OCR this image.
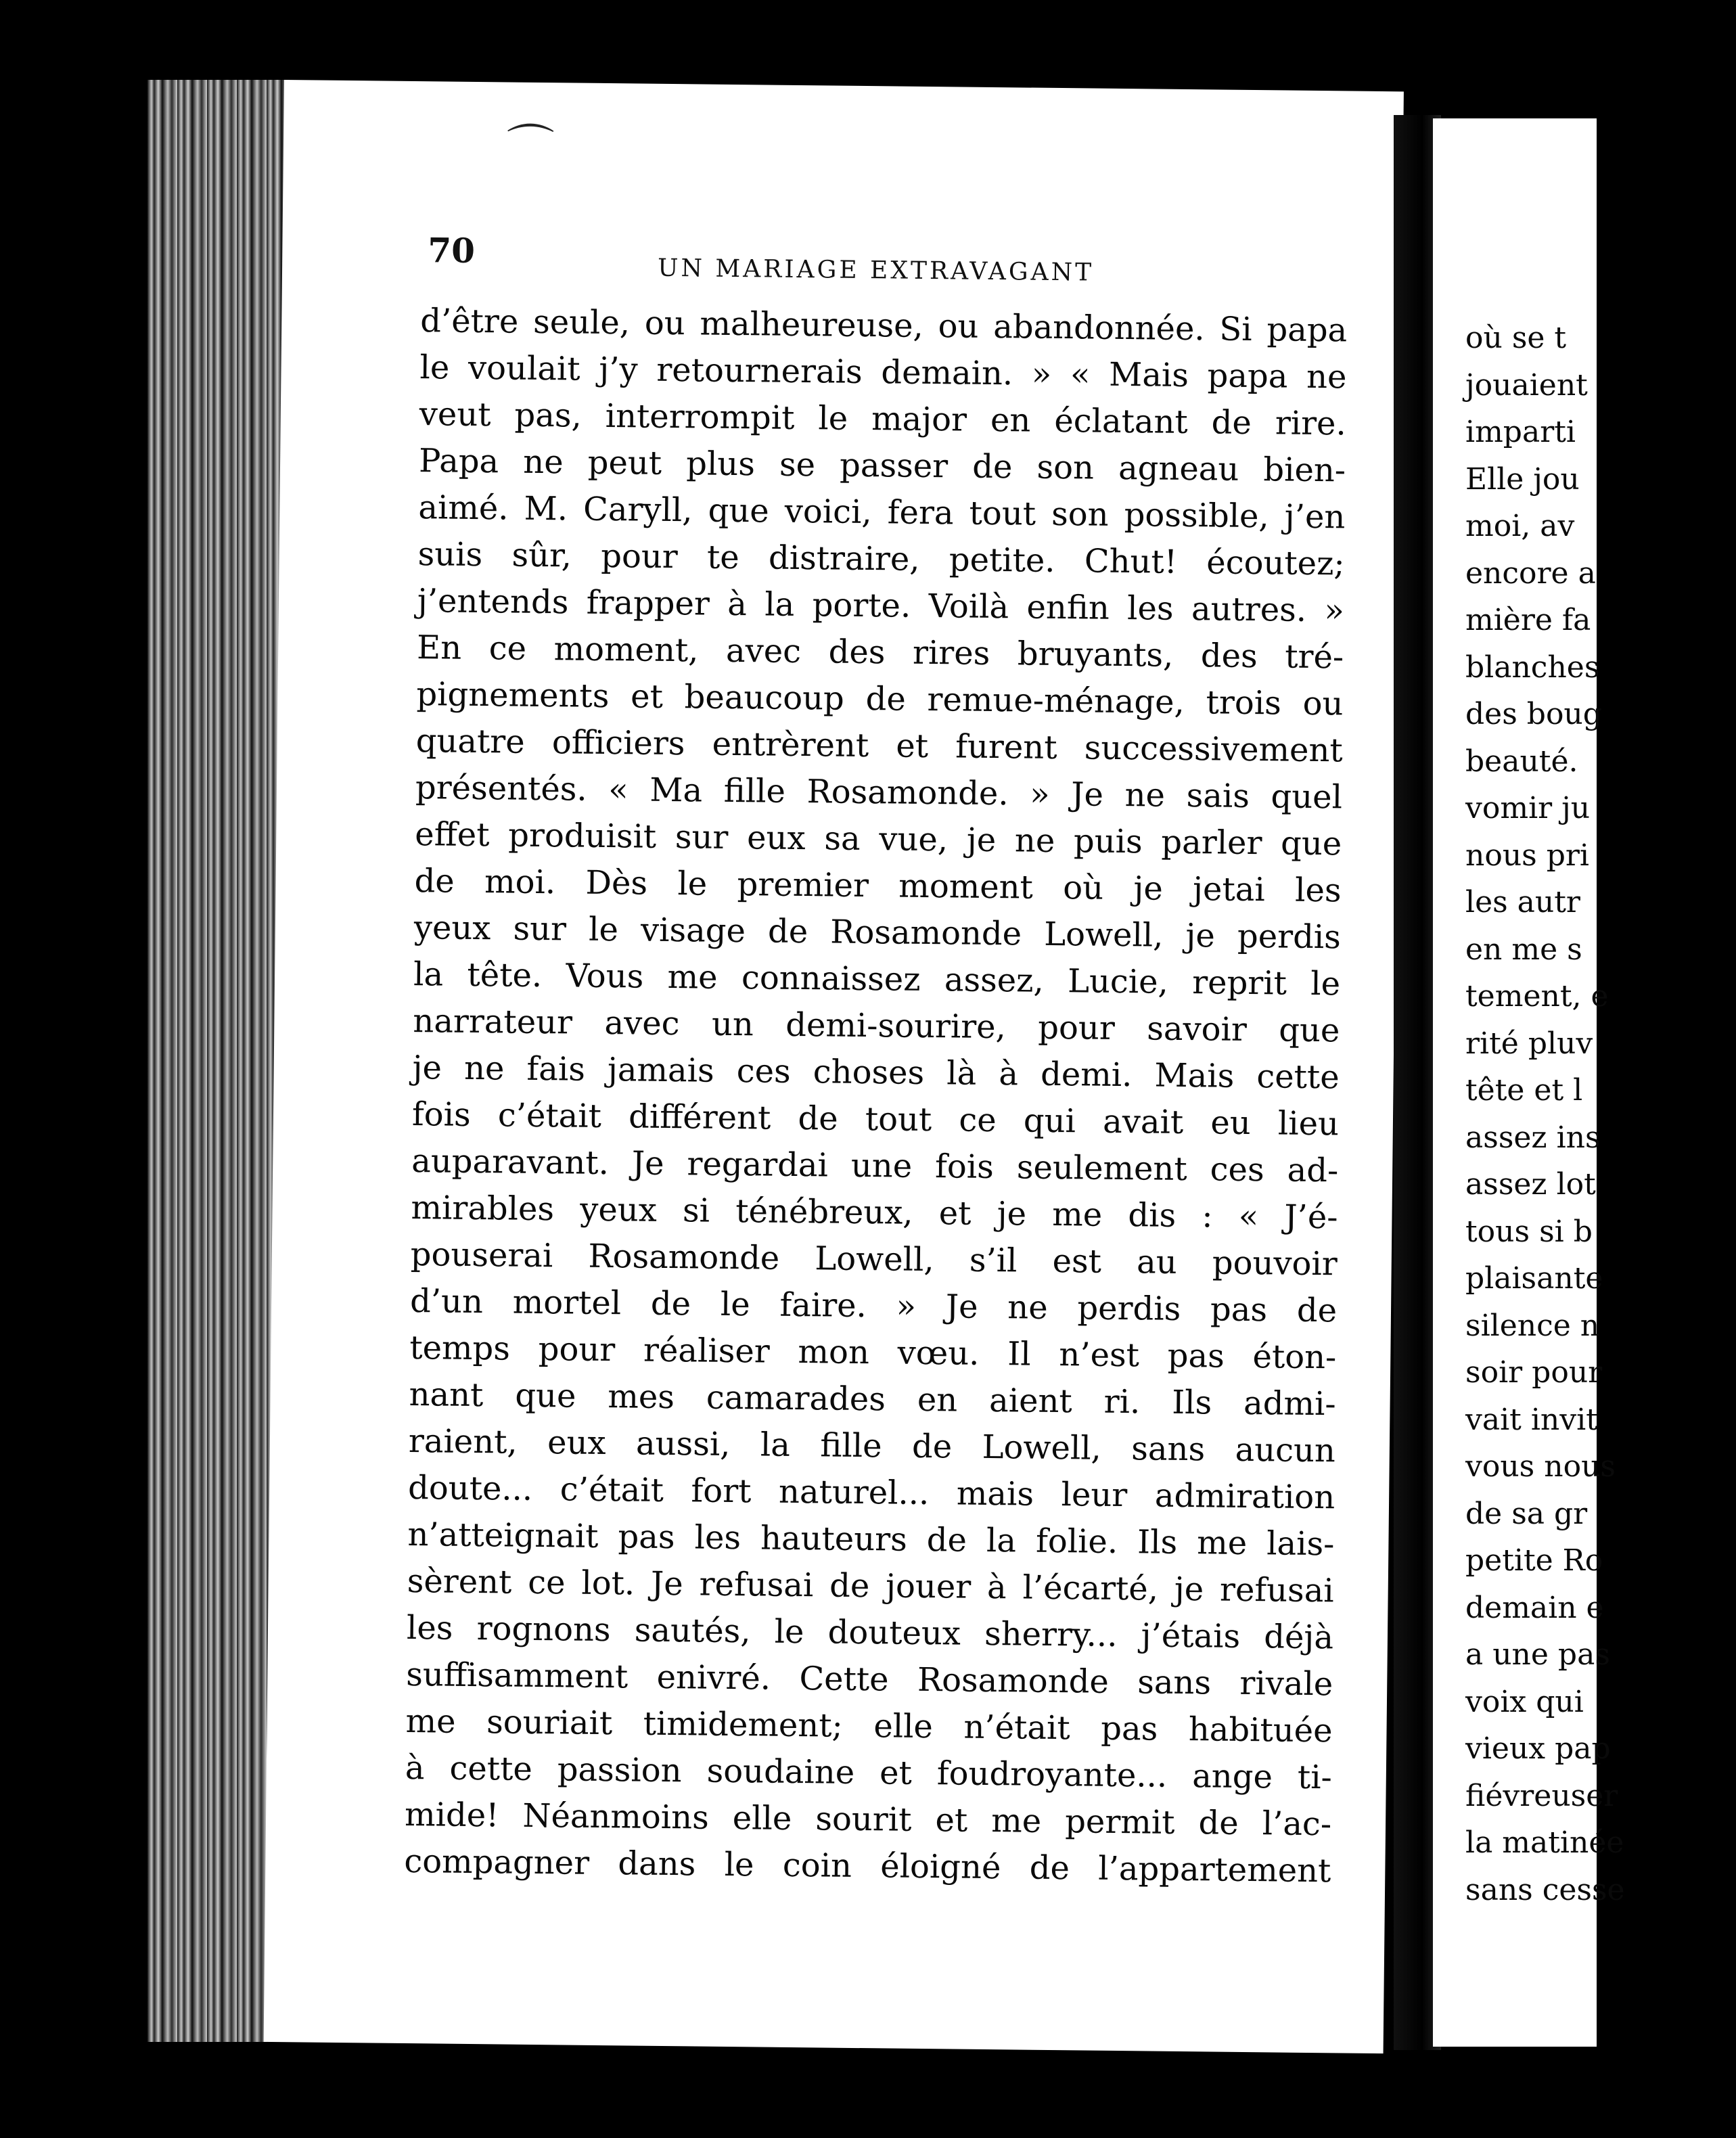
70	UN MARIAGE EXTRAVAGANT
d’être seule, ou malheureuse, ou abandonnée. Si papa
le voulait j’y retournerais demain. » « Mais papa ne
veut pas, interrompit le major en éclatant de rire.
Papa ne peut plus se passer de son agneau bien-
aimé. M. Caryll, que voici, fera tout son possible, j’en
suis sûr, pour te distraire, petite. Chut! écoutez;
j’entends frapper à la porte. Voilà enfin les autres. »
En ce moment, avec des rires bruyants, des tré-
pignements et beaucoup de remue-ménage, trois ou
quatre officiers entrèrent et furent successivement
présentés. « Ma fille Rosamonde. » Je ne sais quel
effet produisit sur eux sa vue, je ne puis parler que
de moi. Dès le premier moment où je jetai les
yeux sur le visage de Rosamonde Lowell, je perdis
la tête. Vous me connaissez assez, Lucie, reprit le
narrateur avec un demi-sourire, pour savoir que
je ne fais jamais ces choses là à demi. Mais cette
fois c’était différent de tout ce qui avait eu lieu
auparavant. Je regardai une fois seulement ces ad-
mirables yeux si ténébreux, et je me dis : « J’é-
pouserai Rosamonde Lowell, s’il est au pouvoir
d’un mortel de le faire. » Je ne perdis pas de
temps pour réaliser mon vœu. Il n’est pas éton-
nant que mes camarades en aient ri. Ils admi-
raient, eux aussi, la fille de Lowell, sans aucun
doute... c’était fort naturel... mais leur admiration
n’atteignait pas les hauteurs de la folie. Ils me lais-
sèrent ce lot. Je refusai de jouer à l’écarté, je refusai
les rognons sautés, le douteux sherry... j’étais déjà
suffisamment enivré. Cette Rosamonde sans rivale
me souriait timidement; elle n’était pas habituée
à cette passion soudaine et foudroyante... ange ti-
mide! Néanmoins elle sourit et me permit de l’ac-
compagner dans le coin éloigné de l’appartement
⌒
où se t
jouaient
imparti
Elle jou
moi, av
encore a
mière fa
blanches
des boug
beauté.
vomir ju
nous pri
les autr
en me s
tement, e
rité pluv
tête et l
assez ins
assez lot
tous si b
plaisante
silence n
soir pour
vait invit
vous nous
de sa gr
petite Ro
demain e
a une pas
voix qui
vieux pap
fiévreuser
la matinée
sans cesse
